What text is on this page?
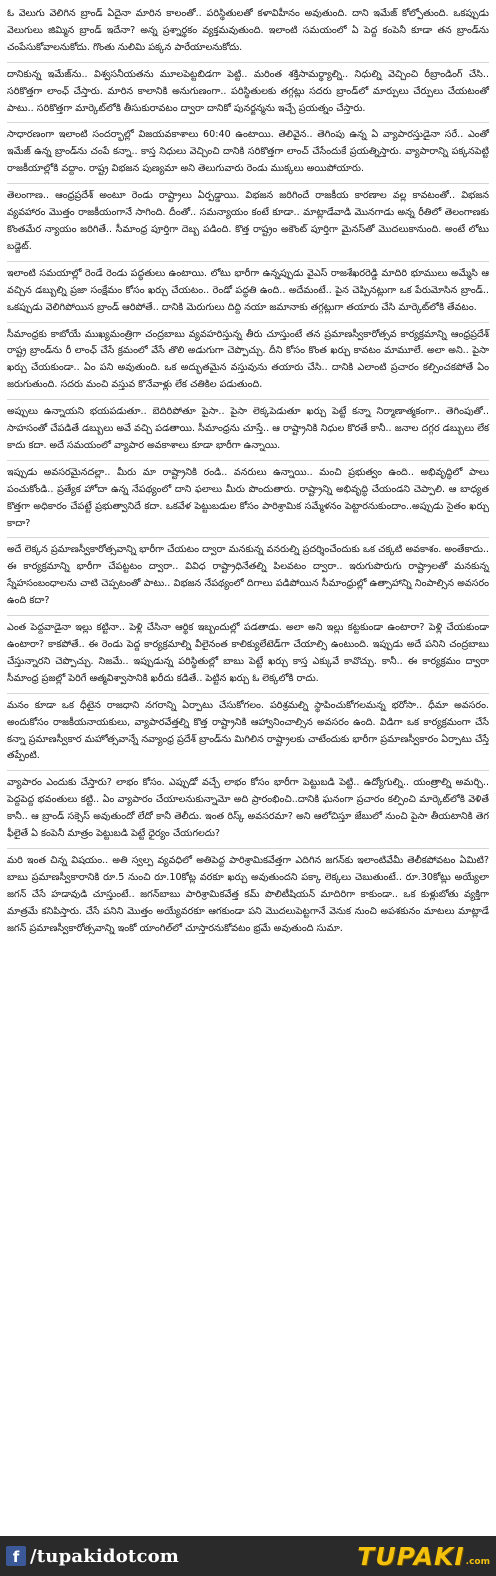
ఓ వెలుగు వెలిగిన బ్రాండ్ ఏదైనా మారిన కాలంతో.. పరిస్థితులతో కళావిహీనం అవుతుంది. దాని ఇమేజ్ కోల్పోతుంది. ఒకప్పుడు వెలుగులు జిమ్మిన బ్రాండ్ ఇదేనా? అన్న ప్రశ్నార్థకం వ్యక్తమవుతుంది. ఇలాంటి సమయంలో ఏ పెద్ద కంపెనీ కూడా తన బ్రాండ్‌ను చంపేసుకోవాలనుకోదు. గొంతు నులిమి పక్కన పారేయాలనుకోదు.

దానికున్న ఇమేజ్‌ను.. విశ్వసనీయతను మూలపెట్టబిడగా పెట్టి.. మరింత శక్తిసామర్థ్యాల్ని.. నిధుల్ని వెచ్చించి రీబ్రాండింగ్ చేసి.. సరికొత్తగా లాంఛ్ చేస్తారు. మారిన కాలానికి అనుగుణంగా.. పరిస్థితులకు తగ్గట్లు సదరు బ్రాండ్‌లో మార్పులు చేర్పులు చేయటంతో పాటు.. సరికొత్తగా మార్కెట్‌లోకి తీసుకురావటం ద్వారా దానికో పునర్జన్మను ఇచ్చే ప్రయత్నం చేస్తారు.

సాధారణంగా ఇలాంటి సందర్భాల్లో విజయవకాశాలు 60:40 ఉంటాయి. తెలివైన.. తెగింపు ఉన్న ఏ వ్యాపారస్తుడైనా సరే.. ఎంతో ఇమేజ్ ఉన్న బ్రాండ్‌ను చంపే కన్నా.. కాస్త నిధులు వెచ్చించి దానికి సరికొత్తగా లాంచ్ చేసేందుకే ప్రయత్నిస్తారు. వ్యాపారాన్ని పక్కనపెట్టి రాజకీయాల్లోకి వద్దాం. రాష్ట్ర విభజన పుణ్యమా అని తెలుగువారు రెండు ముక్కలు అయిపోయారు.

తెలంగాణ.. ఆంధ్రప్రదేశ్ అంటూ రెండు రాష్ట్రాలు ఏర్పడ్డాయి. విభజన జరిగిందే రాజకీయ కారణాల వల్ల కావటంతో.. విభజన వ్యవహారం మొత్తం రాజకీయంగానే సాగింది. దీంతో.. సమన్యాయం కంటే కూడా.. మాట్లాడేవాడి మొనగాడు అన్న రీతిలో తెలంగాణకు కొంతమేర న్యాయం జరిగితే.. సీమాంధ్ర పూర్తిగా దెబ్బ పడింది. కొత్త రాష్ట్రం అకౌంట్ పూర్తిగా మైనస్‌తో మొదలుకానుంది. అంటే లోటు బడ్జెట్.

ఇలాంటి సమయాల్లో రెండే రెండు పద్ధతులు ఉంటాయి. లోటు భారీగా ఉన్నప్పుడు వైఎస్ రాజశేఖరరెడ్డి మాదిరి భూములు అమ్మేసి ఆ వచ్చిన డబ్బుల్ని ప్రజా సంక్షేమం కోసం ఖర్చు చేయటం.. రెండో పద్ధతి ఉంది.. అదేమంటే.. పైన చెప్పినట్లుగా ఒక పేరుమోసిన బ్రాండ్.. ఒకప్పుడు వెలిగిపోయిన బ్రాండ్ ఆరిపోతే.. దానికి మెరుగులు దిద్ది నయా జమానాకు తగ్గట్లుగా తయారు చేసి మార్కెట్‌లోకి తేవటం.

సీమాంధ్రకు కాబోయే ముఖ్యమంత్రిగా చంద్రబాబు వ్యవహరిస్తున్న తీరు చూస్తుంటే తన ప్రమాణస్వీకారోత్సవ కార్యక్రమాన్ని ఆంధ్రప్రదేశ్ రాష్ట్ర బ్రాండ్‌ను రీ లాంఛ్ చేసే క్రమంలో వేసే తొలి అడుగుగా చెప్పొచ్చు. దీని కోసం కొంత ఖర్చు కావటం మామూలే. అలా అని.. పైసా ఖర్చు చేయకుండా.. ఏం పని అవుతుంది. ఒక అద్భుతమైన వస్తువును తయారు చేసి.. దానికి ఎలాంటి ప్రచారం కల్పించకపోతే ఏం జరుగుతుంది. సదరు మంచి వస్తువ కొనేవాళ్లు లేక చతికిల పడుతుంది.

అప్పులు ఉన్నాయని భయపడుతూ.. బెదిరిపోతూ పైసా.. పైసా లెక్కపెడుతూ ఖర్చు పెట్టే కన్నా నిర్మాణాత్మకంగా.. తెగింపుతో.. సాహసంతో చేపడితే డబ్బులు అవే వచ్చి పడతాయి. సీమాంధ్రను చూస్తే.. ఆ రాష్ట్రానికి నిధుల కొరతే కానీ.. జనాల దగ్గర డబ్బులు లేక కాదు కదా. అదే సమయంలో వ్యాపార అవకాశాలు కూడా భారీగా ఉన్నాయి.

ఇప్పుడు అవసరమైనదల్లా.. మీరు మా రాష్ట్రానికి రండి.. వనరులు ఉన్నాయి.. మంచి ప్రభుత్వం ఉంది.. అభివృద్ధిలో పాలు పంచుకోండి.. ప్రత్యేక హోదా ఉన్న నేపథ్యంలో దాని ఫలాలు మీరు పొందుతారు. రాష్ట్రాన్ని అభివృద్ధి చేయండని చెప్పాలి. ఆ బాధ్యత కొత్తగా అధికారం చేపట్టే ప్రభుత్వానిదే కదా. ఒకవేళ పెట్టుబడుల కోసం పారిశ్రామిక సమ్మేళనం పెట్టారనుకుందాం..అప్పుడు సైతం ఖర్చు కాదా?

అదే లెక్కన ప్రమాణస్వీకారోత్సవాన్ని భారీగా చేయటం ద్వారా మనకున్న వనరుల్ని ప్రదర్శించేందుకు ఒక చక్కటి అవకాశం. అంతేకాదు.. ఈ కార్యక్రమాన్ని భారీగా చేపట్టటం ద్వారా.. వివిధ రాష్ట్రాధినేతల్ని పిలవటం ద్వారా.. ఇరుగుపొరుగు రాష్ట్రాలతో మనకున్న స్నేహసంబంధాలను చాటి చెప్పటంతో పాటు.. విభజన నేపథ్యంలో దిగాలు పడిపోయిన సీమాంధ్రుల్లో ఉత్సాహాన్ని నింపాల్సిన అవసరం ఉంది కదా?

ఎంత పెద్దవాడైనా ఇల్లు కట్టినా.. పెళ్లి చేసినా ఆర్థిక ఇబ్బందుల్లో పడతాడు. అలా అని ఇల్లు కట్టకుండా ఉంటారా? పెళ్లి చేయకుండా ఉంటారా? కాకపోతే.. ఈ రెండు పెద్ద కార్యక్రమాల్ని వీలైనంత కాలిక్యులేటెడ్‌గా చేయాల్సి ఉంటుంది. ఇప్పుడు అదే పనిని చంద్రబాబు చేస్తున్నారని చెప్పొచ్చు. నిజమే.. ఇప్పుడున్న పరిస్థితుల్లో బాబు పెట్టే ఖర్చు కాస్త ఎక్కువే కావొచ్చు. కానీ.. ఈ కార్యక్రమం ద్వారా సీమాంధ్ర ప్రజల్లో పెరిగే ఆత్మవిశ్వాసానికి ఖరీదు కడితే.. పెట్టిన ఖర్చు ఓ లెక్కలోకి రాదు.

మనం కూడా ఒక ధీటైన రాజధాని నగరాన్ని ఏర్పాటు చేసుకోగలం. పరిశ్రమల్ని స్థాపించుకోగలమన్న భరోసా.. ధీమా అవసరం. అందుకోసం రాజకీయనాయకులు, వ్యాపారవేత్తల్ని కొత్త రాష్ట్రానికి ఆహ్వానించాల్సిన అవసరం ఉంది. విడిగా ఒక కార్యక్రమంగా చేసే కన్నా ప్రమాణస్వీకార మహోత్సవాన్నే నవ్యాంధ్ర ప్రదేశ్ బ్రాండ్‌ను మిగిలిన రాష్ట్రాలకు చాటేందుకు భారీగా ప్రమాణస్వీకారం ఏర్పాటు చేస్తే తప్పేంటి.

వ్యాపారం ఎందుకు చేస్తారు? లాభం కోసం. ఎప్పుడో వచ్చే లాభం కోసం భారీగా పెట్టుబడి పెట్టి.. ఉద్యోగుల్ని.. యంత్రాల్ని అమర్చి.. పెద్దపెద్ద భవంతులు కట్టి.. ఏం వ్యాపారం చేయాలనుకున్నామో అది ప్రారంభించి..దానికి ఘనంగా ప్రచారం కల్పించి మార్కెట్‌లోకి వెళితే కానీ.. ఆ బ్రాండ్ సక్సెస్ అవుతుందో లేదో కానీ తెలీదు. ఇంత రిస్క్ అవసరమా? అని ఆలోచిస్తూ జేబులో నుంచి పైసా తీయటానికి తెగ ఫీలైతే ఏ కంపెనీ మాత్రం పెట్టుబడి పెట్టే ధైర్యం చేయగలదు?

మరి ఇంత చిన్న విషయం.. అతి స్వల్ప వ్యవధిలో అతిపెద్ద పారిశ్రామికవేత్తగా ఎదిగిన జగన్‌కు ఇలాంటివేమీ తెలీకపోవటం ఏమిటి? బాబు ప్రమాణస్వీకారానికి రూ.5 నుంచి రూ.10కోట్ల వరకూ ఖర్చు అవుతుందని పక్కా లెక్కలు చెబుతుంటే.. రూ.30కోట్లు అయ్యేలా జగన్ చేసే హడావుడి చూస్తుంటే.. జగన్‌బాబు పారిశ్రామికవేత్త కమ్ పొలిటీషియన్ మాదిరిగా కాకుండా.. ఒక కుళ్లుబోతు వ్యక్తిగా మాత్రమే కనిపిస్తారు. చేసే పనిని మొత్తం అయ్యేవరకూ ఆగకుండా పని మొదలుపెట్టగానే వెనుక నుంచి అపశకునం మాటలు మాట్లాడే జగన్ ప్రమాణస్వీకారోత్సవాన్ని ఇంకో యాంగిల్‌లో చూస్తారనుకోవటం భ్రమే అవుతుంది సుమా.

f /tupakidotcom	TUPAKI .com
